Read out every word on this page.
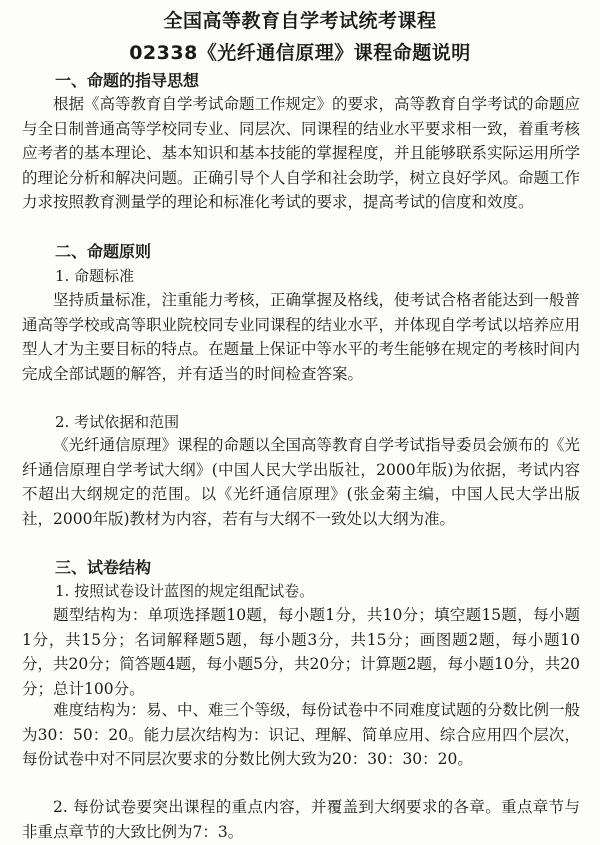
全国高等教育自学考试统考课程
02338《光纤通信原理》课程命题说明
一、命题的指导思想
根据《高等教育自学考试命题工作规定》的要求，高等教育自学考试的命题应与全日制普通高等学校同专业、同层次、同课程的结业水平要求相一致，着重考核应考者的基本理论、基本知识和基本技能的掌握程度，并且能够联系实际运用所学的理论分析和解决问题。正确引导个人自学和社会助学，树立良好学风。命题工作力求按照教育测量学的理论和标准化考试的要求，提高考试的信度和效度。
二、命题原则
1. 命题标准
坚持质量标准，注重能力考核，正确掌握及格线，使考试合格者能达到一般普通高等学校或高等职业院校同专业同课程的结业水平，并体现自学考试以培养应用型人才为主要目标的特点。在题量上保证中等水平的考生能够在规定的考核时间内完成全部试题的解答，并有适当的时间检查答案。
2. 考试依据和范围
《光纤通信原理》课程的命题以全国高等教育自学考试指导委员会颁布的《光纤通信原理自学考试大纲》(中国人民大学出版社，2000年版)为依据，考试内容不超出大纲规定的范围。以《光纤通信原理》(张金菊主编，中国人民大学出版社，2000年版)教材为内容，若有与大纲不一致处以大纲为准。
三、试卷结构
1. 按照试卷设计蓝图的规定组配试卷。
题型结构为：单项选择题10题，每小题1分，共10分；填空题15题，每小题1分，共15分；名词解释题5题，每小题3分，共15分；画图题2题，每小题10分，共20分；简答题4题，每小题5分，共20分；计算题2题，每小题10分，共20分；总计100分。
难度结构为：易、中、难三个等级，每份试卷中不同难度试题的分数比例一般为30：50：20。能力层次结构为：识记、理解、简单应用、综合应用四个层次，每份试卷中对不同层次要求的分数比例大致为20：30：30：20。
2. 每份试卷要突出课程的重点内容，并覆盖到大纲要求的各章。重点章节与非重点章节的大致比例为7：3。
